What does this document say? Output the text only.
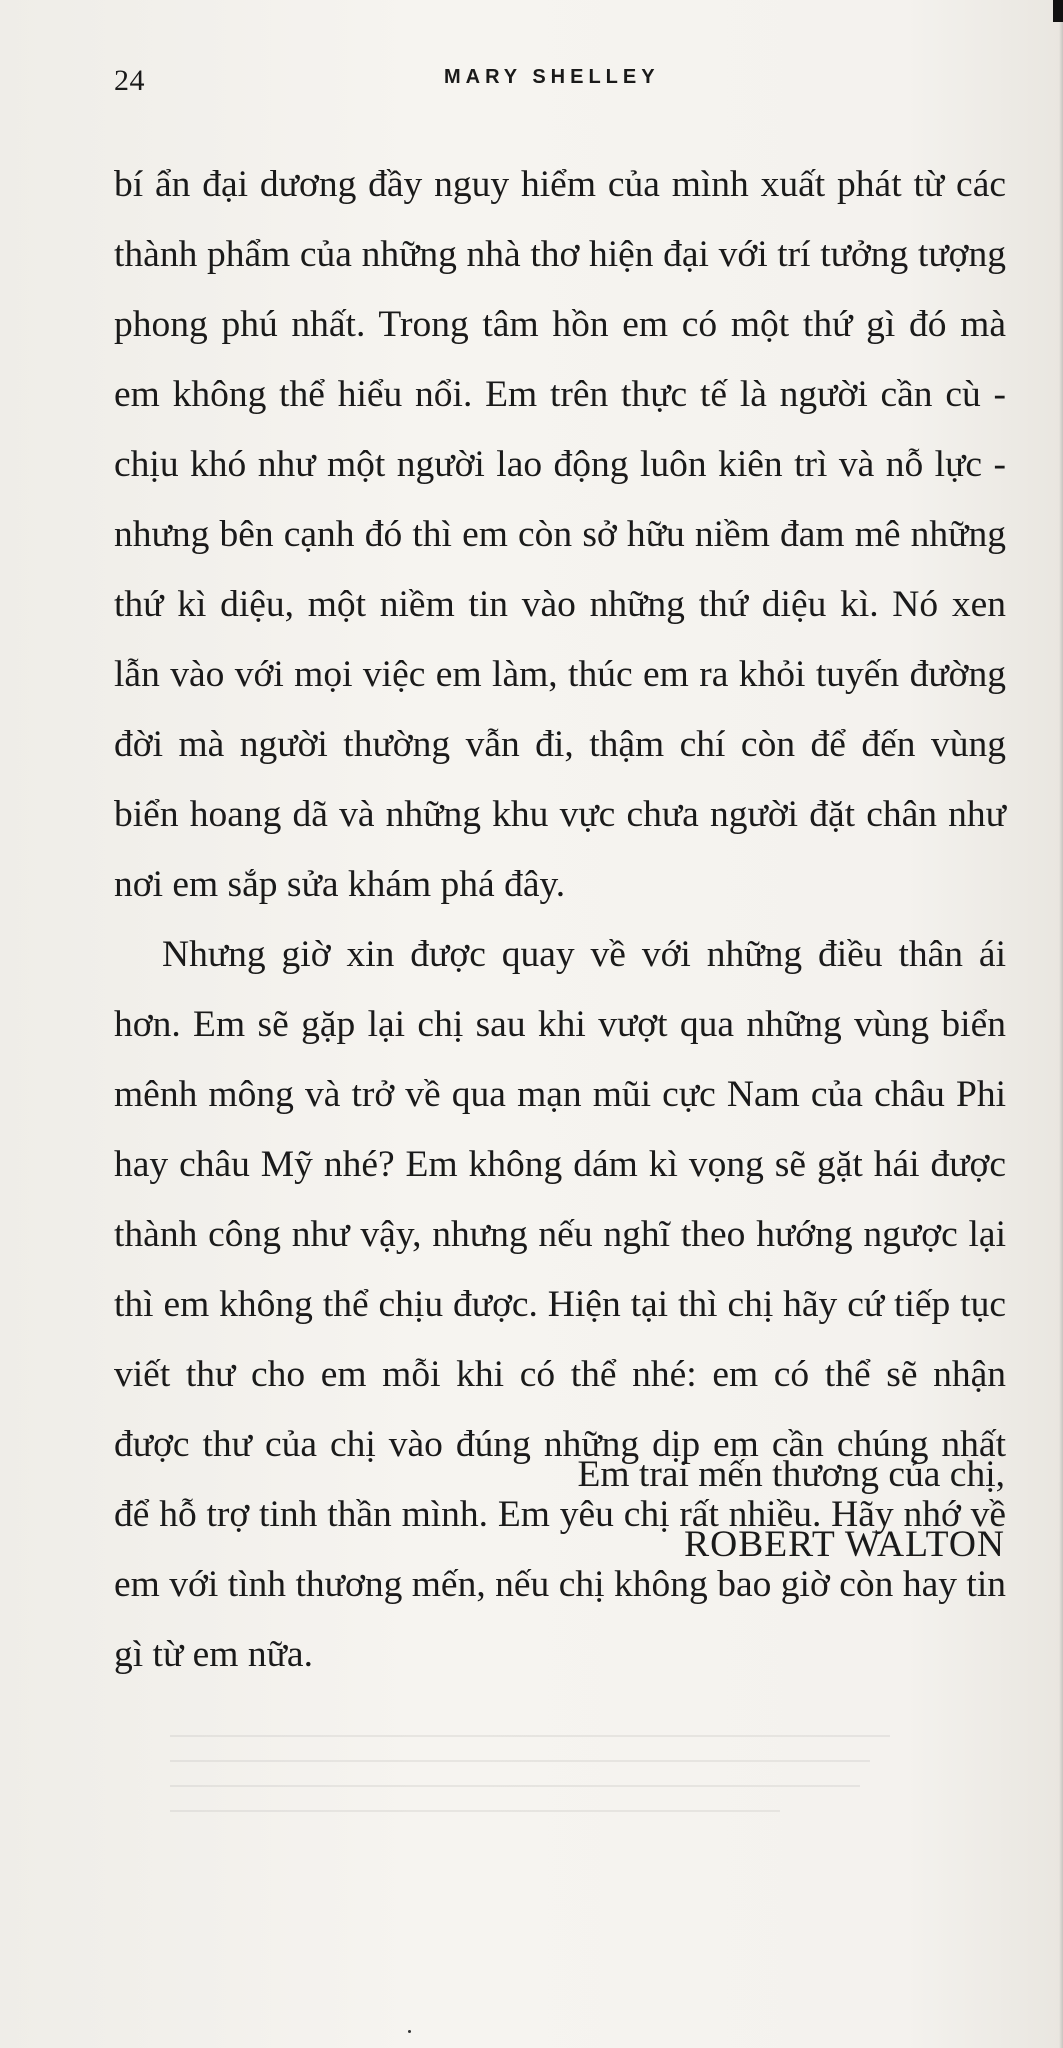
24	MARY SHELLEY

bí ẩn đại dương đầy nguy hiểm của mình xuất phát từ các thành phẩm của những nhà thơ hiện đại với trí tưởng tượng phong phú nhất. Trong tâm hồn em có một thứ gì đó mà em không thể hiểu nổi. Em trên thực tế là người cần cù - chịu khó như một người lao động luôn kiên trì và nỗ lực - nhưng bên cạnh đó thì em còn sở hữu niềm đam mê những thứ kì diệu, một niềm tin vào những thứ diệu kì. Nó xen lẫn vào với mọi việc em làm, thúc em ra khỏi tuyến đường đời mà người thường vẫn đi, thậm chí còn để đến vùng biển hoang dã và những khu vực chưa người đặt chân như nơi em sắp sửa khám phá đây.

Nhưng giờ xin được quay về với những điều thân ái hơn. Em sẽ gặp lại chị sau khi vượt qua những vùng biển mênh mông và trở về qua mạn mũi cực Nam của châu Phi hay châu Mỹ nhé? Em không dám kì vọng sẽ gặt hái được thành công như vậy, nhưng nếu nghĩ theo hướng ngược lại thì em không thể chịu được. Hiện tại thì chị hãy cứ tiếp tục viết thư cho em mỗi khi có thể nhé: em có thể sẽ nhận được thư của chị vào đúng những dịp em cần chúng nhất để hỗ trợ tinh thần mình. Em yêu chị rất nhiều. Hãy nhớ về em với tình thương mến, nếu chị không bao giờ còn hay tin gì từ em nữa.

Em trai mến thương của chị,
ROBERT WALTON
